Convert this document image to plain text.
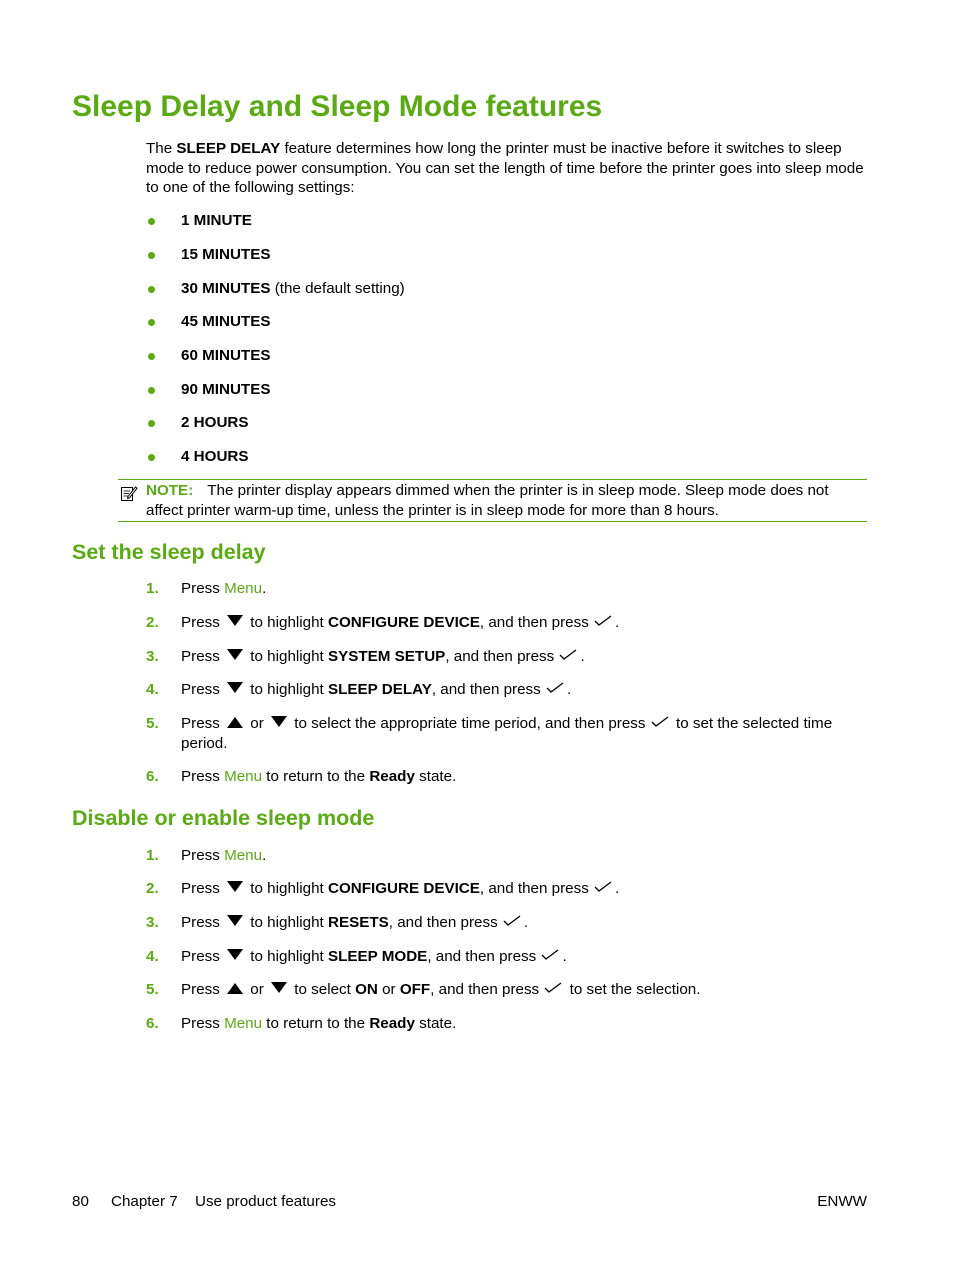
Sleep Delay and Sleep Mode features

The SLEEP DELAY feature determines how long the printer must be inactive before it switches to sleep mode to reduce power consumption. You can set the length of time before the printer goes into sleep mode to one of the following settings:

1 MINUTE
15 MINUTES
30 MINUTES (the default setting)
45 MINUTES
60 MINUTES
90 MINUTES
2 HOURS
4 HOURS
NOTE: The printer display appears dimmed when the printer is in sleep mode. Sleep mode does not affect printer warm-up time, unless the printer is in sleep mode for more than 8 hours.
Set the sleep delay
1. Press Menu.
2. Press to highlight CONFIGURE DEVICE, and then press .
3. Press to highlight SYSTEM SETUP, and then press .
4. Press to highlight SLEEP DELAY, and then press .
5. Press or to select the appropriate time period, and then press to set the selected time period.
6. Press Menu to return to the Ready state.
Disable or enable sleep mode
1. Press Menu.
2. Press to highlight CONFIGURE DEVICE, and then press .
3. Press to highlight RESETS, and then press .
4. Press to highlight SLEEP MODE, and then press .
5. Press or to select ON or OFF, and then press to set the selection.
6. Press Menu to return to the Ready state.
80 Chapter 7 Use product features	ENWW
